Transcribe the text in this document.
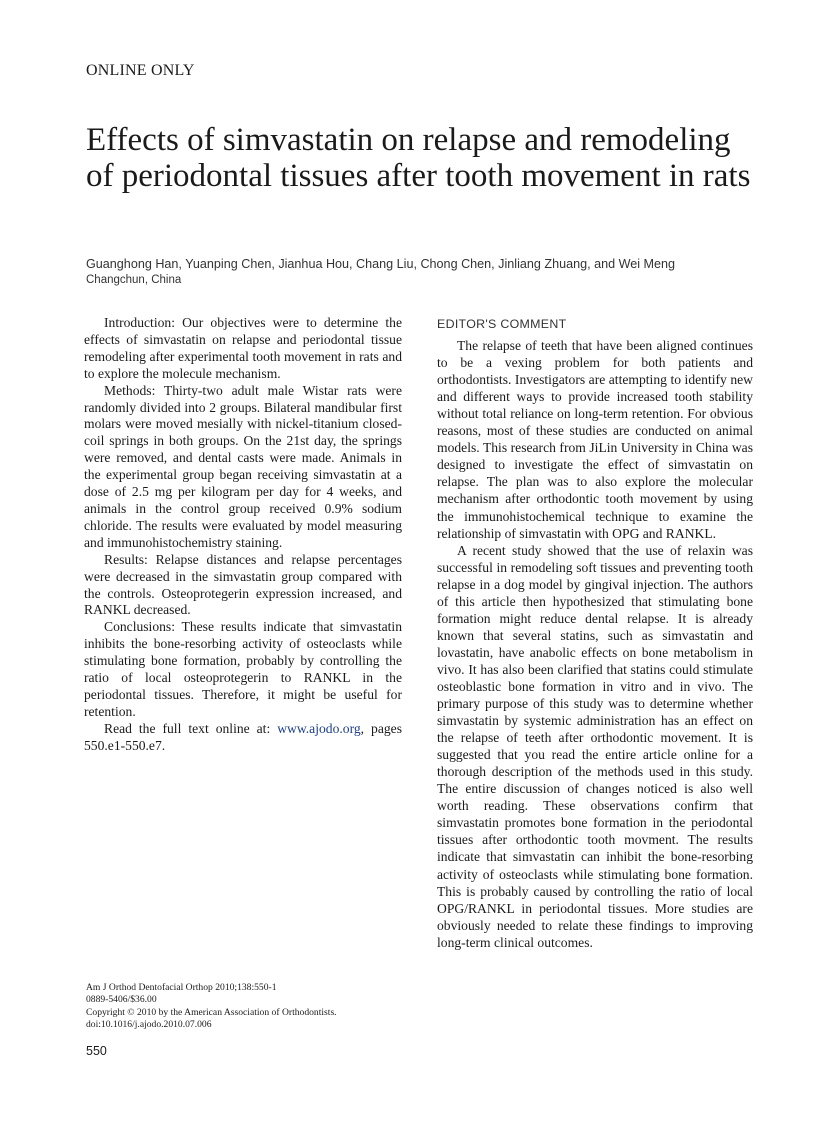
ONLINE ONLY
Effects of simvastatin on relapse and remodeling of periodontal tissues after tooth movement in rats
Guanghong Han, Yuanping Chen, Jianhua Hou, Chang Liu, Chong Chen, Jinliang Zhuang, and Wei Meng
Changchun, China

Introduction: Our objectives were to determine the effects of simvastatin on relapse and periodontal tissue remodeling after experimental tooth movement in rats and to explore the molecule mechanism.

Methods: Thirty-two adult male Wistar rats were randomly divided into 2 groups. Bilateral mandibular first molars were moved mesially with nickel-titanium closed-coil springs in both groups. On the 21st day, the springs were removed, and dental casts were made. Animals in the experimental group began receiving simvastatin at a dose of 2.5 mg per kilogram per day for 4 weeks, and animals in the control group received 0.9% sodium chloride. The results were evaluated by model measuring and immunohistochemistry staining.

Results: Relapse distances and relapse percentages were decreased in the simvastatin group compared with the controls. Osteoprotegerin expression increased, and RANKL decreased.

Conclusions: These results indicate that simvastatin inhibits the bone-resorbing activity of osteoclasts while stimulating bone formation, probably by controlling the ratio of local osteoprotegerin to RANKL in the periodontal tissues. Therefore, it might be useful for retention.

Read the full text online at: www.ajodo.org, pages 550.e1-550.e7.

EDITOR'S COMMENT

The relapse of teeth that have been aligned continues to be a vexing problem for both patients and orthodontists. Investigators are attempting to identify new and different ways to provide increased tooth stability without total reliance on long-term retention. For obvious reasons, most of these studies are conducted on animal models. This research from JiLin University in China was designed to investigate the effect of simvastatin on relapse. The plan was to also explore the molecular mechanism after orthodontic tooth movement by using the immunohistochemical technique to examine the relationship of simvastatin with OPG and RANKL.

A recent study showed that the use of relaxin was successful in remodeling soft tissues and preventing tooth relapse in a dog model by gingival injection. The authors of this article then hypothesized that stimulating bone formation might reduce dental relapse. It is already known that several statins, such as simvastatin and lovastatin, have anabolic effects on bone metabolism in vivo. It has also been clarified that statins could stimulate osteoblastic bone formation in vitro and in vivo. The primary purpose of this study was to determine whether simvastatin by systemic administration has an effect on the relapse of teeth after orthodontic movement. It is suggested that you read the entire article online for a thorough description of the methods used in this study. The entire discussion of changes noticed is also well worth reading. These observations confirm that simvastatin promotes bone formation in the periodontal tissues after orthodontic tooth movment. The results indicate that simvastatin can inhibit the bone-resorbing activity of osteoclasts while stimulating bone formation. This is probably caused by controlling the ratio of local OPG/RANKL in periodontal tissues. More studies are obviously needed to relate these findings to improving long-term clinical outcomes.

Am J Orthod Dentofacial Orthop 2010;138:550-1
0889-5406/$36.00
Copyright © 2010 by the American Association of Orthodontists.
doi:10.1016/j.ajodo.2010.07.006
550
